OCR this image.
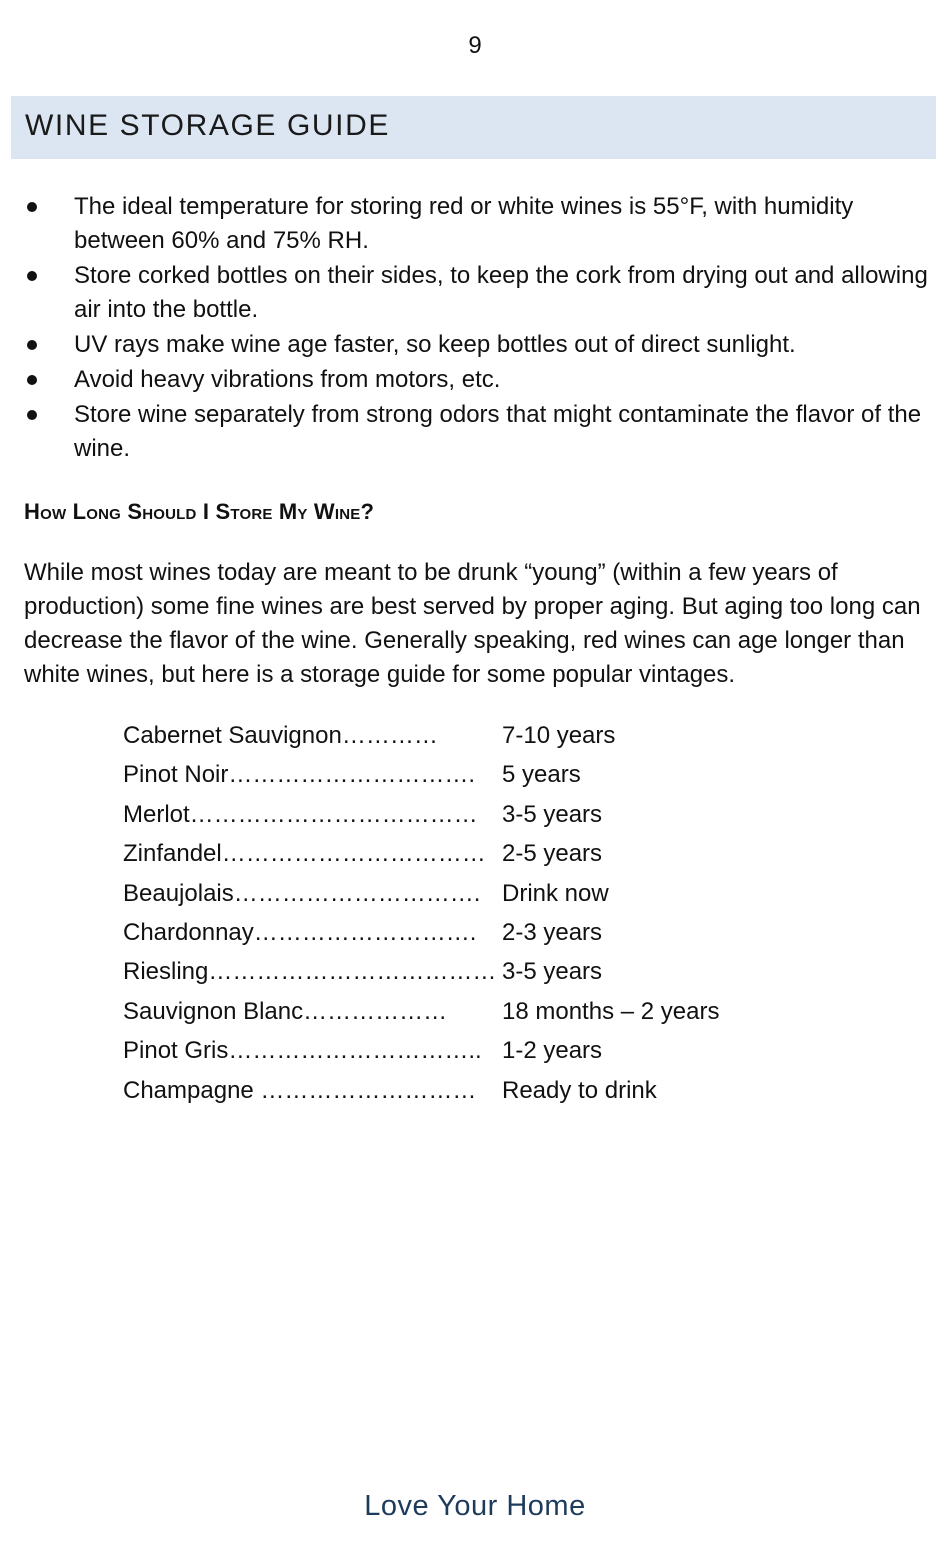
9
WINE STORAGE GUIDE
The ideal temperature for storing red or white wines is 55°F, with humidity between 60% and 75% RH.
Store corked bottles on their sides, to keep the cork from drying out and allowing air into the bottle.
UV rays make wine age faster, so keep bottles out of direct sunlight.
Avoid heavy vibrations from motors, etc.
Store wine separately from strong odors that might contaminate the flavor of the wine.
How Long Should I Store My Wine?

While most wines today are meant to be drunk “young” (within a few years of production) some fine wines are best served by proper aging. But aging too long can decrease the flavor of the wine. Generally speaking, red wines can age longer than white wines, but here is a storage guide for some popular vintages.

Cabernet Sauvignon…………	7-10 years
Pinot Noir…………………………. 5 years
Merlot……………………………… 3-5 years
Zinfandel…………………………… 2-5 years
Beaujolais…………………………. Drink now
Chardonnay………………………. 2-3 years
Riesling……………………………… 3-5 years
Sauvignon Blanc……………… 18 months – 2 years
Pinot Gris………………………….. 1-2 years
Champagne ……………………… Ready to drink
Love Your Home
